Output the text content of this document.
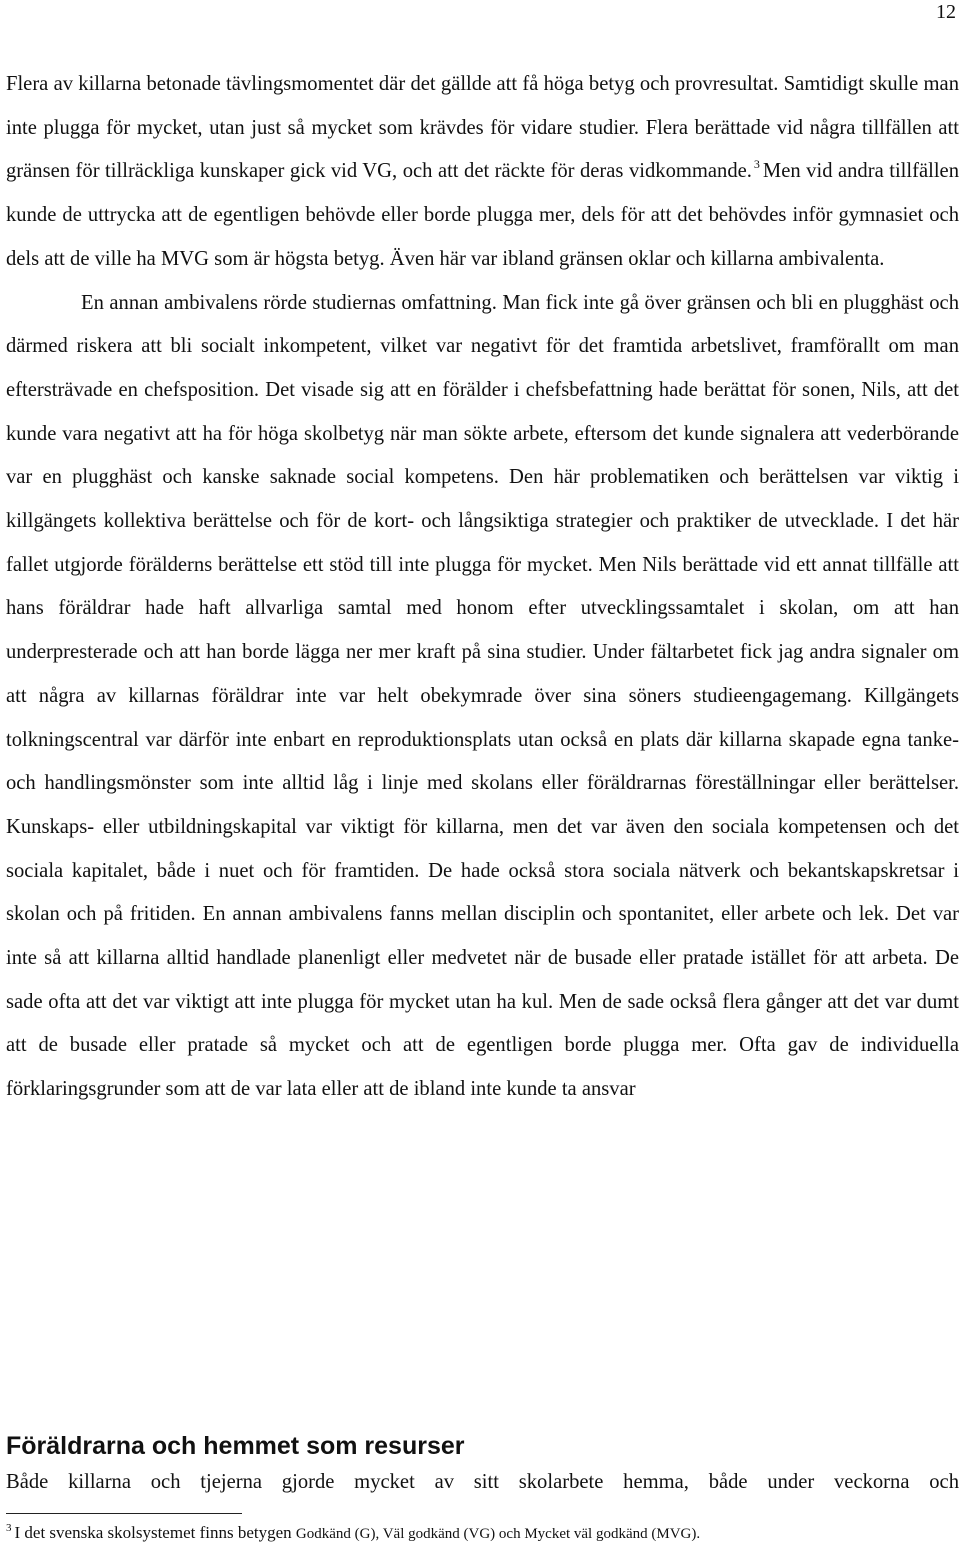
12

Flera av killarna betonade tävlingsmomentet där det gällde att få höga betyg och provresultat. Samtidigt skulle man inte plugga för mycket, utan just så mycket som krävdes för vidare studier. Flera berättade vid några tillfällen att gränsen för tillräckliga kunskaper gick vid VG, och att det räckte för deras vidkommande. $^3$ Men vid andra tillfällen kunde de uttrycka att de egentligen behövde eller borde plugga mer, dels för att det behövdes inför gymnasiet och dels att de ville ha MVG som är högsta betyg. Även här var ibland gränsen oklar och killarna ambivalenta.

En annan ambivalens rörde studiernas omfattning. Man fick inte gå över gränsen och bli en plugghäst och därmed riskera att bli socialt inkompetent, vilket var negativt för det framtida arbetslivet, framförallt om man eftersträvade en chefsposition. Det visade sig att en förälder i chefsbefattning hade berättat för sonen, Nils, att det kunde vara negativt att ha för höga skolbetyg när man sökte arbete, eftersom det kunde signalera att vederbörande var en plugghäst och kanske saknade social kompetens. Den här problematiken och berättelsen var viktig i killgängets kollektiva berättelse och för de kort- och långsiktiga strategier och praktiker de utvecklade. I det här fallet utgjorde förälderns berättelse ett stöd till inte plugga för mycket. Men Nils berättade vid ett annat tillfälle att hans föräldrar hade haft allvarliga samtal med honom efter utvecklingssamtalet i skolan, om att han underpresterade och att han borde lägga ner mer kraft på sina studier. Under fältarbetet fick jag andra signaler om att några av killarnas föräldrar inte var helt obekymrade över sina söners studieengagemang. Killgängets tolkningscentral var därför inte enbart en reproduktionsplats utan också en plats där killarna skapade egna tanke- och handlingsmönster som inte alltid låg i linje med skolans eller föräldrarnas föreställningar eller berättelser. Kunskaps- eller utbildningskapital var viktigt för killarna, men det var även den sociala kompetensen och det sociala kapitalet, både i nuet och för framtiden. De hade också stora sociala nätverk och bekantskapskretsar i skolan och på fritiden. En annan ambivalens fanns mellan disciplin och spontanitet, eller arbete och lek. Det var inte så att killarna alltid handlade planenligt eller medvetet när de busade eller pratade istället för att arbeta. De sade ofta att det var viktigt att inte plugga för mycket utan ha kul. Men de sade också flera gånger att det var dumt att de busade eller pratade så mycket och att de egentligen borde plugga mer. Ofta gav de individuella förklaringsgrunder som att de var lata eller att de ibland inte kunde ta ansvar

Föräldrarna och hemmet som resurser

Både killarna och tjejerna gjorde mycket av sitt skolarbete hemma, både under veckorna och

$^3$ I det svenska skolsystemet finns betygen Godkänd (G), Väl godkänd (VG) och Mycket väl godkänd (MVG).
